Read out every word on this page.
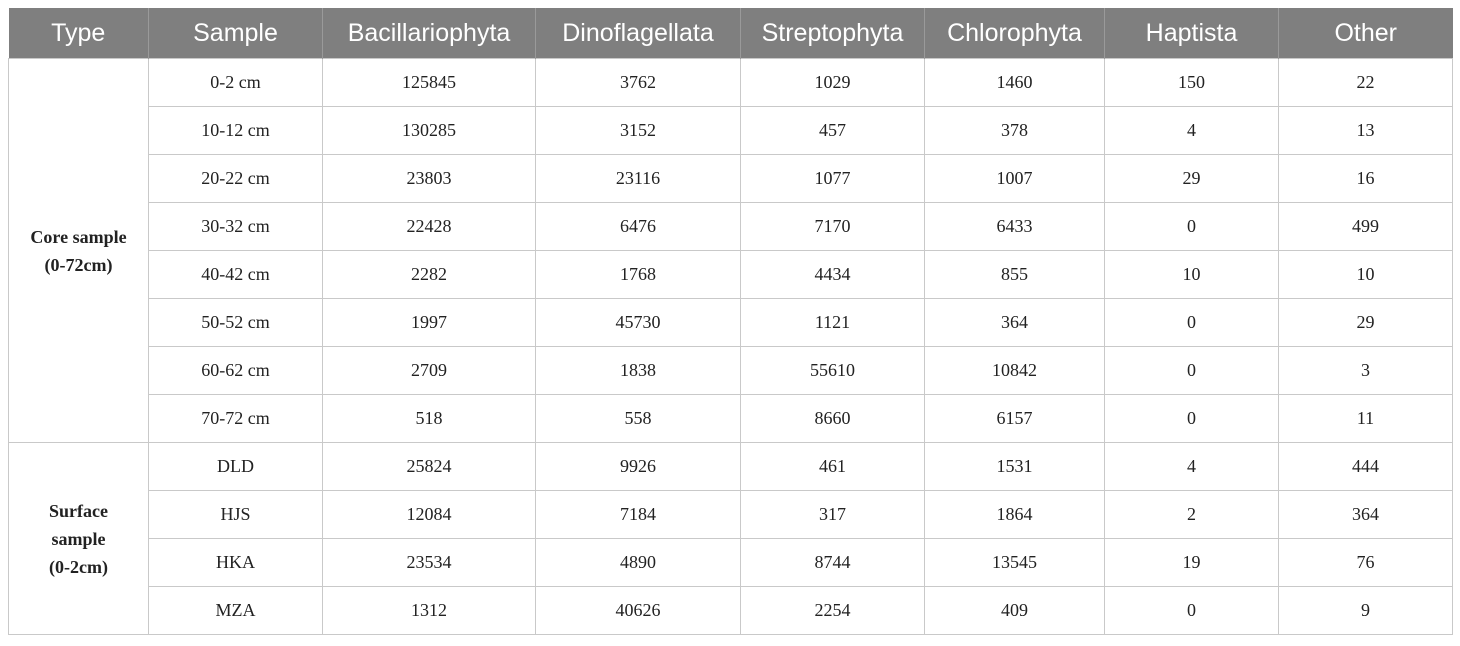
Type	Sample	Bacillariophyta	Dinoflagellata	Streptophyta	Chlorophyta	Haptista	Other

Core sample
(0-72cm)	0-2 cm	125845	3762	1029	1460	150	22
	10-12 cm	130285	3152	457	378	4	13
	20-22 cm	23803	23116	1077	1007	29	16
	30-32 cm	22428	6476	7170	6433	0	499
	40-42 cm	2282	1768	4434	855	10	10
	50-52 cm	1997	45730	1121	364	0	29
	60-62 cm	2709	1838	55610	10842	0	3
	70-72 cm	518	558	8660	6157	0	11

Surface
sample
(0-2cm)	DLD	25824	9926	461	1531	4	444
	HJS	12084	7184	317	1864	2	364
	HKA	23534	4890	8744	13545	19	76
	MZA	1312	40626	2254	409	0	9
